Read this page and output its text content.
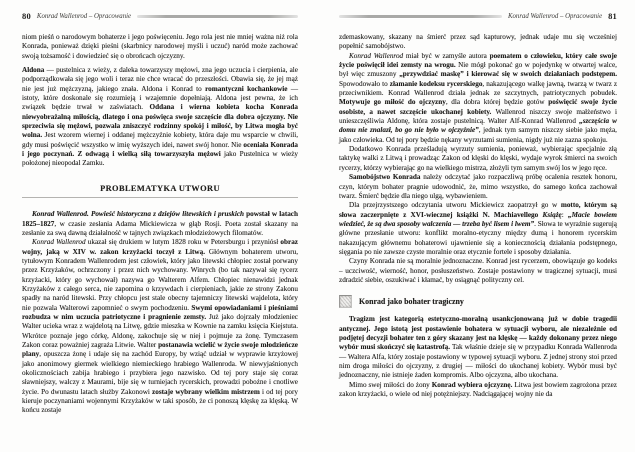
80 Konrad Wallenrod – Opracowanie

niom pieśń o narodowym bohaterze i jego poświęceniu. Jego rola jest nie mniej ważna niż rola Konrada, ponieważ dzięki pieśni (skarbnicy narodowej myśli i uczuć) naród może zachować swoją tożsamość i dowiedzieć się o obrońcach ojczyzny.

Aldona — pustelnica z wieży, z daleka towarzyszy mężowi, zna jego uczucia i cierpienia, ale podporządkowała się jego woli i teraz nie chce wracać do przeszłości. Obawia się, że jej mąż nie jest już mężczyzną, jakiego znała. Aldona i Konrad to romantyczni kochankowie — istoty, które doskonale się rozumieją i wzajemnie dopełniają. Aldona jest pewna, że ich związek będzie trwał w zaświatach. Oddana i wierna kobieta kocha Konrada niewyobrażalną miłością, dlatego i ona poświęca swoje szczęście dla dobra ojczyzny. Nie sprzeciwia się mężowi, pozwala zniszczyć rodzinny spokój i miłość, by Litwa mogła być wolna. Jest wzorem wiernej i oddanej mężczyźnie kobiety, która daje mu wsparcie w chwili, gdy musi poświęcić wszystko w imię wyższych idei, nawet swój honor. Nie oceniała Konrada i jego poczynań. Z odwagą i wielką siłą towarzyszyła mężowi jako Pustelnica w wieży położonej nieopodal Zamku.

PROBLEMATYKA UTWORU

Konrad Wallenrod. Powieść historyczna z dziejów litewskich i pruskich powstał w latach 1825–1827, w czasie zesłania Adama Mickiewicza w głąb Rosji. Poeta został skazany na zesłanie za swą dawną działalność w tajnych związkach młodzieżowych filomatów.

Konrad Wallenrod ukazał się drukiem w lutym 1828 roku w Petersburgu i przyniósł obraz wojny, jaką w XIV w. zakon krzyżacki toczył z Litwą. Głównym bohaterem utworu, tytułowym Konradem Wallenrodem jest człowiek, który jako litewski chłopiec został porwany przez Krzyżaków, ochrzczony i przez nich wychowany. Winrych (bo tak nazywał się rycerz krzyżacki, który go wychował) nazywa go Walterem Alfem. Chłopiec nienawidzi jednak Krzyżaków z całego serca, nie zapomina o krzywdach i cierpieniach, jakie ze strony Zakonu spadły na naród litewski. Przy chłopcu jest stale obecny tajemniczy litewski wajdelota, który nie pozwala Walterowi zapomnieć o swym pochodzeniu. Swymi opowiadaniami i pieśniami rozbudza w nim uczucia patriotyczne i pragnienie zemsty. Już jako dojrzały młodzieniec Walter ucieka wraz z wajdelotą na Litwę, gdzie mieszka w Kownie na zamku księcia Kiejstuta. Wkrótce poznaje jego córkę, Aldonę, zakochuje się w niej i pojmuje za żonę. Tymczasem Zakon coraz poważniej zagraża Litwie. Walter postanawia wcielić w życie swoje młodzieńcze plany, opuszcza żonę i udaje się na zachód Europy, by wziąć udział w wyprawie krzyżowej jako anonimowy giermek wielkiego niemieckiego hrabiego Wallenroda. W niewyjaśnionych okolicznościach zabija hrabiego i przybiera jego nazwisko. Od tej pory staje się coraz sławniejszy, walczy z Maurami, bije się w turniejach rycerskich, prowadzi pobożne i cnotliwe życie. Po dwunastu latach służby Zakonowi zostaje wybrany wielkim mistrzem i od tej pory kieruje poczynaniami wojennymi Krzyżaków w taki sposób, że ci ponoszą klęskę za klęską. W końcu zostaje

Konrad Wallenrod – Opracowanie 81

zdemaskowany, skazany na śmierć przez sąd kapturowy, jednak udaje mu się wcześniej popełnić samobójstwo.

Konrad Wallenrod miał być w zamyśle autora poematem o człowieku, który całe swoje życie poświęcił idei zemsty na wrogu. Nie mógł pokonać go w pojedynkę w otwartej walce, był więc zmuszony „przywdziać maskę” i kierować się w swoich działaniach podstępem. Spowodowało to złamanie kodeksu rycerskiego, nakazującego walkę jawną, twarzą w twarz z przeciwnikiem. Konrad Wallenrod działa jednak ze szczytnych, patriotycznych pobudek. Motywuje go miłość do ojczyzny, dla dobra której będzie gotów poświęcić swoje życie osobiste, a nawet szczęście ukochanej kobiety. Wallenrod niszczy swoje małżeństwo i unieszczęśliwia Aldonę, która zostaje pustelnicą. Walter Alf-Konrad Wallenrod „szczęścia w domu nie znalazł, bo go nie było w ojczyźnie”, jednak tym samym niszczy siebie jako męża, jako człowieka. Od tej pory będzie nękany wyrzutami sumienia, nigdy już nie zazna spokoju.

Dodatkowo Konrada prześladują wyrzuty sumienia, ponieważ, wybierając specjalnie złą taktykę walki z Litwą i prowadząc Zakon od klęski do klęski, wydaje wyrok śmierci na swoich rycerzy, którzy wybierając go na wielkiego mistrza, złożyli tym samym swój los w jego ręce.

Samobójstwo Konrada należy odczytać jako rozpaczliwą próbę ocalenia resztek honoru, czyn, którym bohater pragnie udowodnić, że, mimo wszystko, do samego końca zachował twarz. Śmierć będzie dla niego ulgą, wybawieniem.

Dla przejrzystszego odczytania utworu Mickiewicz zaopatrzył go w motto, którym są słowa zaczerpnięte z XVI-wiecznej książki N. Machiavellego Książę: „Macie bowiem wiedzieć, że są dwa sposoby walczenia — trzeba być lisem i lwem”. Słowa te wyraźnie sugerują główne przesłanie utworu: konflikt moralno-etyczny między dumą i honorem rycerskim nakazującym głównemu bohaterowi ujawnienie się a koniecznością działania podstępnego, sięgania po nie zawsze czyste moralnie oraz etycznie fortele i sposoby działania.

Czyny Konrada nie są moralnie jednoznaczne. Konrad jest rycerzem, obowiązuje go kodeks – uczciwość, wierność, honor, posłuszeństwo. Zostaje postawiony w tragicznej sytuacji, musi zdradzić siebie, oszukiwać i kłamać, by osiągnąć polityczny cel.

Konrad jako bohater tragiczny

Tragizm jest kategorią estetyczno-moralną usankcjonowaną już w dobie tragedii antycznej. Jego istotą jest postawienie bohatera w sytuacji wyboru, ale niezależnie od podjętej decyzji bohater ten z góry skazany jest na klęskę — każdy dokonany przez niego wybór musi skończyć się katastrofą. Tak właśnie dzieje się w przypadku Konrada Wallenroda — Waltera Alfa, który zostaje postawiony w typowej sytuacji wyboru. Z jednej strony stoi przed nim droga miłości do ojczyzny, z drugiej — miłości do ukochanej kobiety. Wybór musi być jednoznaczny, nie istnieje żaden kompromis. Albo ojczyzna, albo ukochana.

Mimo swej miłości do żony Konrad wybiera ojczyznę. Litwa jest bowiem zagrożona przez zakon krzyżacki, o wiele od niej potężniejszy. Nadciągającej wojny nie da
